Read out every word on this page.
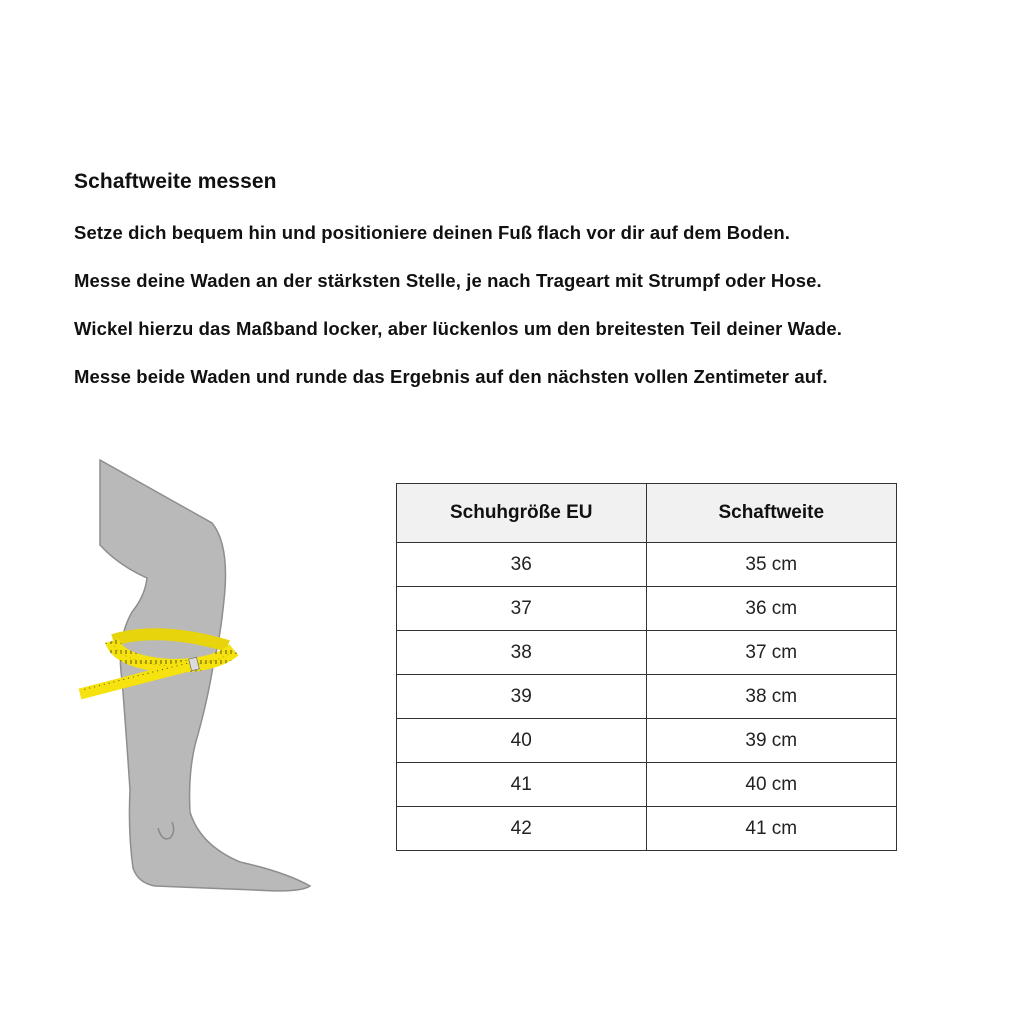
Schaftweite messen
Setze dich bequem hin und positioniere deinen Fuß flach vor dir auf dem Boden.
Messe deine Waden an der stärksten Stelle, je nach Trageart mit Strumpf oder Hose.
Wickel hierzu das Maßband locker, aber lückenlos um den breitesten Teil deiner Wade.
Messe beide Waden und runde das Ergebnis auf den nächsten vollen Zentimeter auf.
Schuhgröße EU	Schaftweite
36	35 cm
37	36 cm
38	37 cm
39	38 cm
40	39 cm
41	40 cm
42	41 cm
